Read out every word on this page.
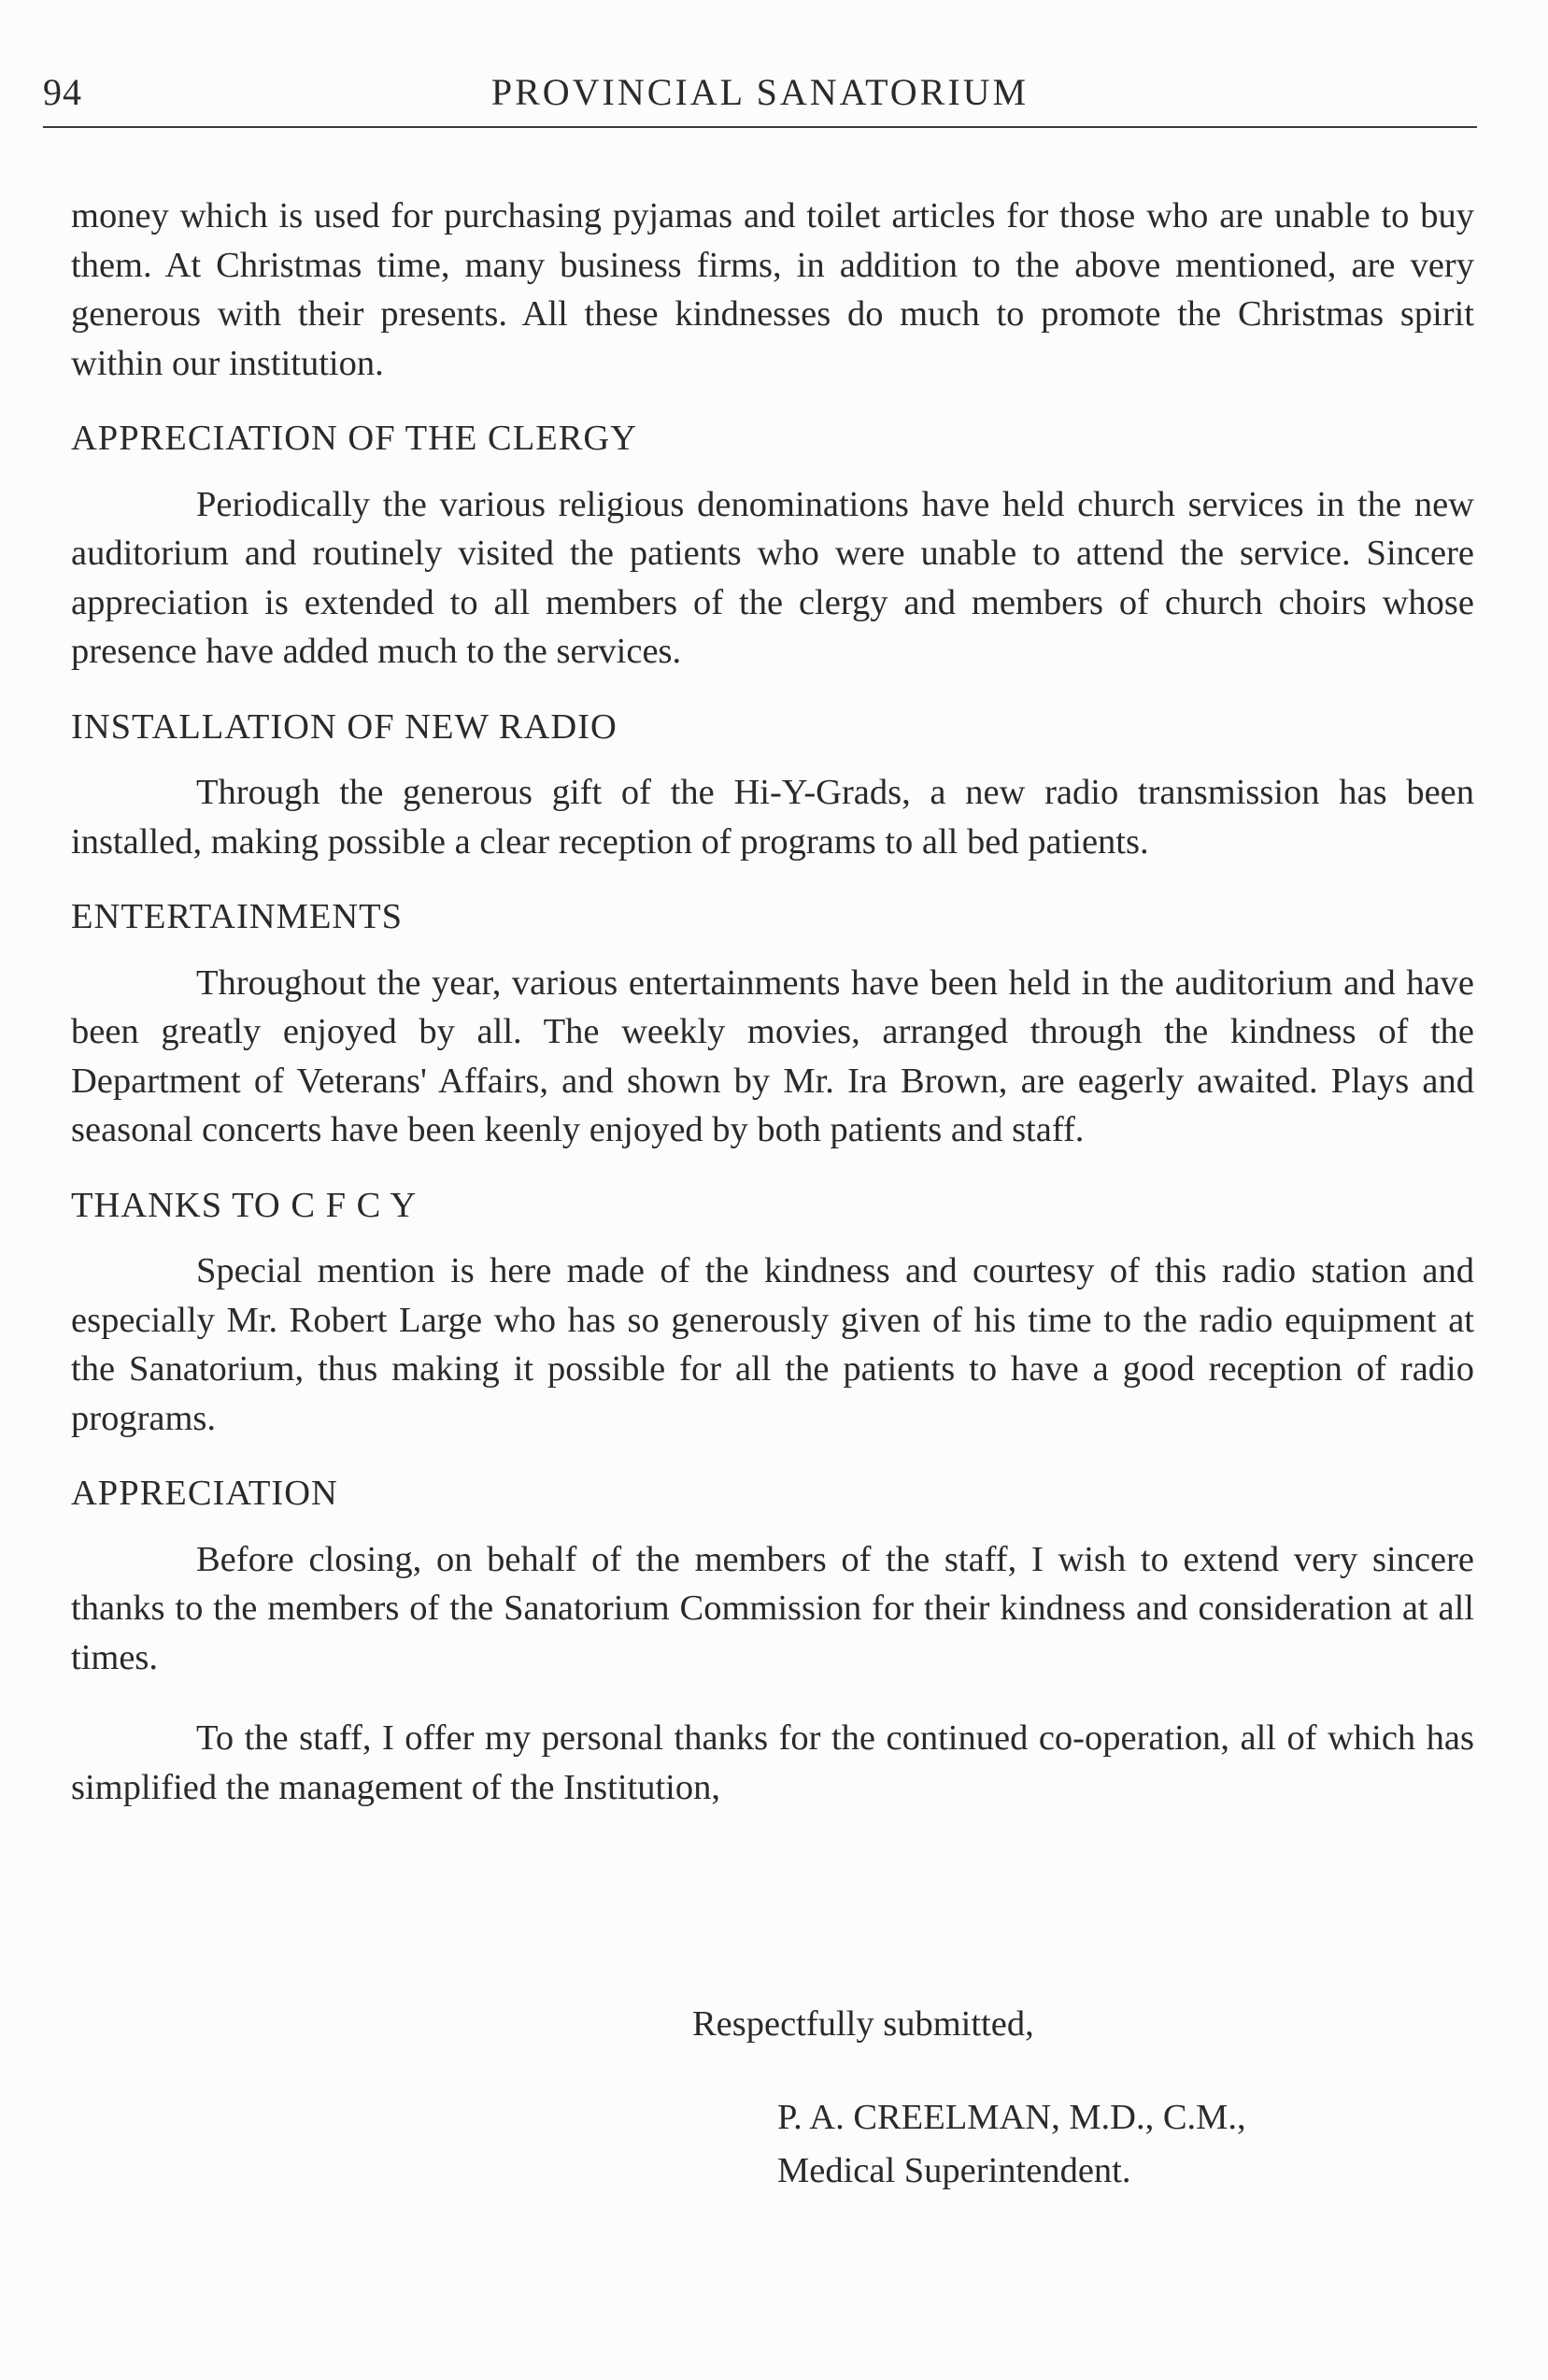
94	PROVINCIAL SANATORIUM

money which is used for purchasing pyjamas and toilet articles for those who are unable to buy them. At Christmas time, many business firms, in addition to the above mentioned, are very generous with their presents. All these kindnesses do much to promote the Christmas spirit within our institution.

APPRECIATION OF THE CLERGY

Periodically the various religious denominations have held church services in the new auditorium and routinely visited the patients who were unable to attend the service. Sincere appreciation is extended to all members of the clergy and members of church choirs whose presence have added much to the services.

INSTALLATION OF NEW RADIO

Through the generous gift of the Hi-Y-Grads, a new radio transmission has been installed, making possible a clear reception of programs to all bed patients.

ENTERTAINMENTS

Throughout the year, various entertainments have been held in the auditorium and have been greatly enjoyed by all. The weekly movies, arranged through the kindness of the Department of Veterans' Affairs, and shown by Mr. Ira Brown, are eagerly awaited. Plays and seasonal concerts have been keenly enjoyed by both patients and staff.

THANKS TO C F C Y

Special mention is here made of the kindness and courtesy of this radio station and especially Mr. Robert Large who has so generously given of his time to the radio equipment at the Sanatorium, thus making it possible for all the patients to have a good reception of radio programs.

APPRECIATION

Before closing, on behalf of the members of the staff, I wish to extend very sincere thanks to the members of the Sanatorium Commission for their kindness and consideration at all times.

To the staff, I offer my personal thanks for the continued co-operation, all of which has simplified the management of the Institution,

Respectfully submitted,
P. A. CREELMAN, M.D., C.M.,
Medical Superintendent.
